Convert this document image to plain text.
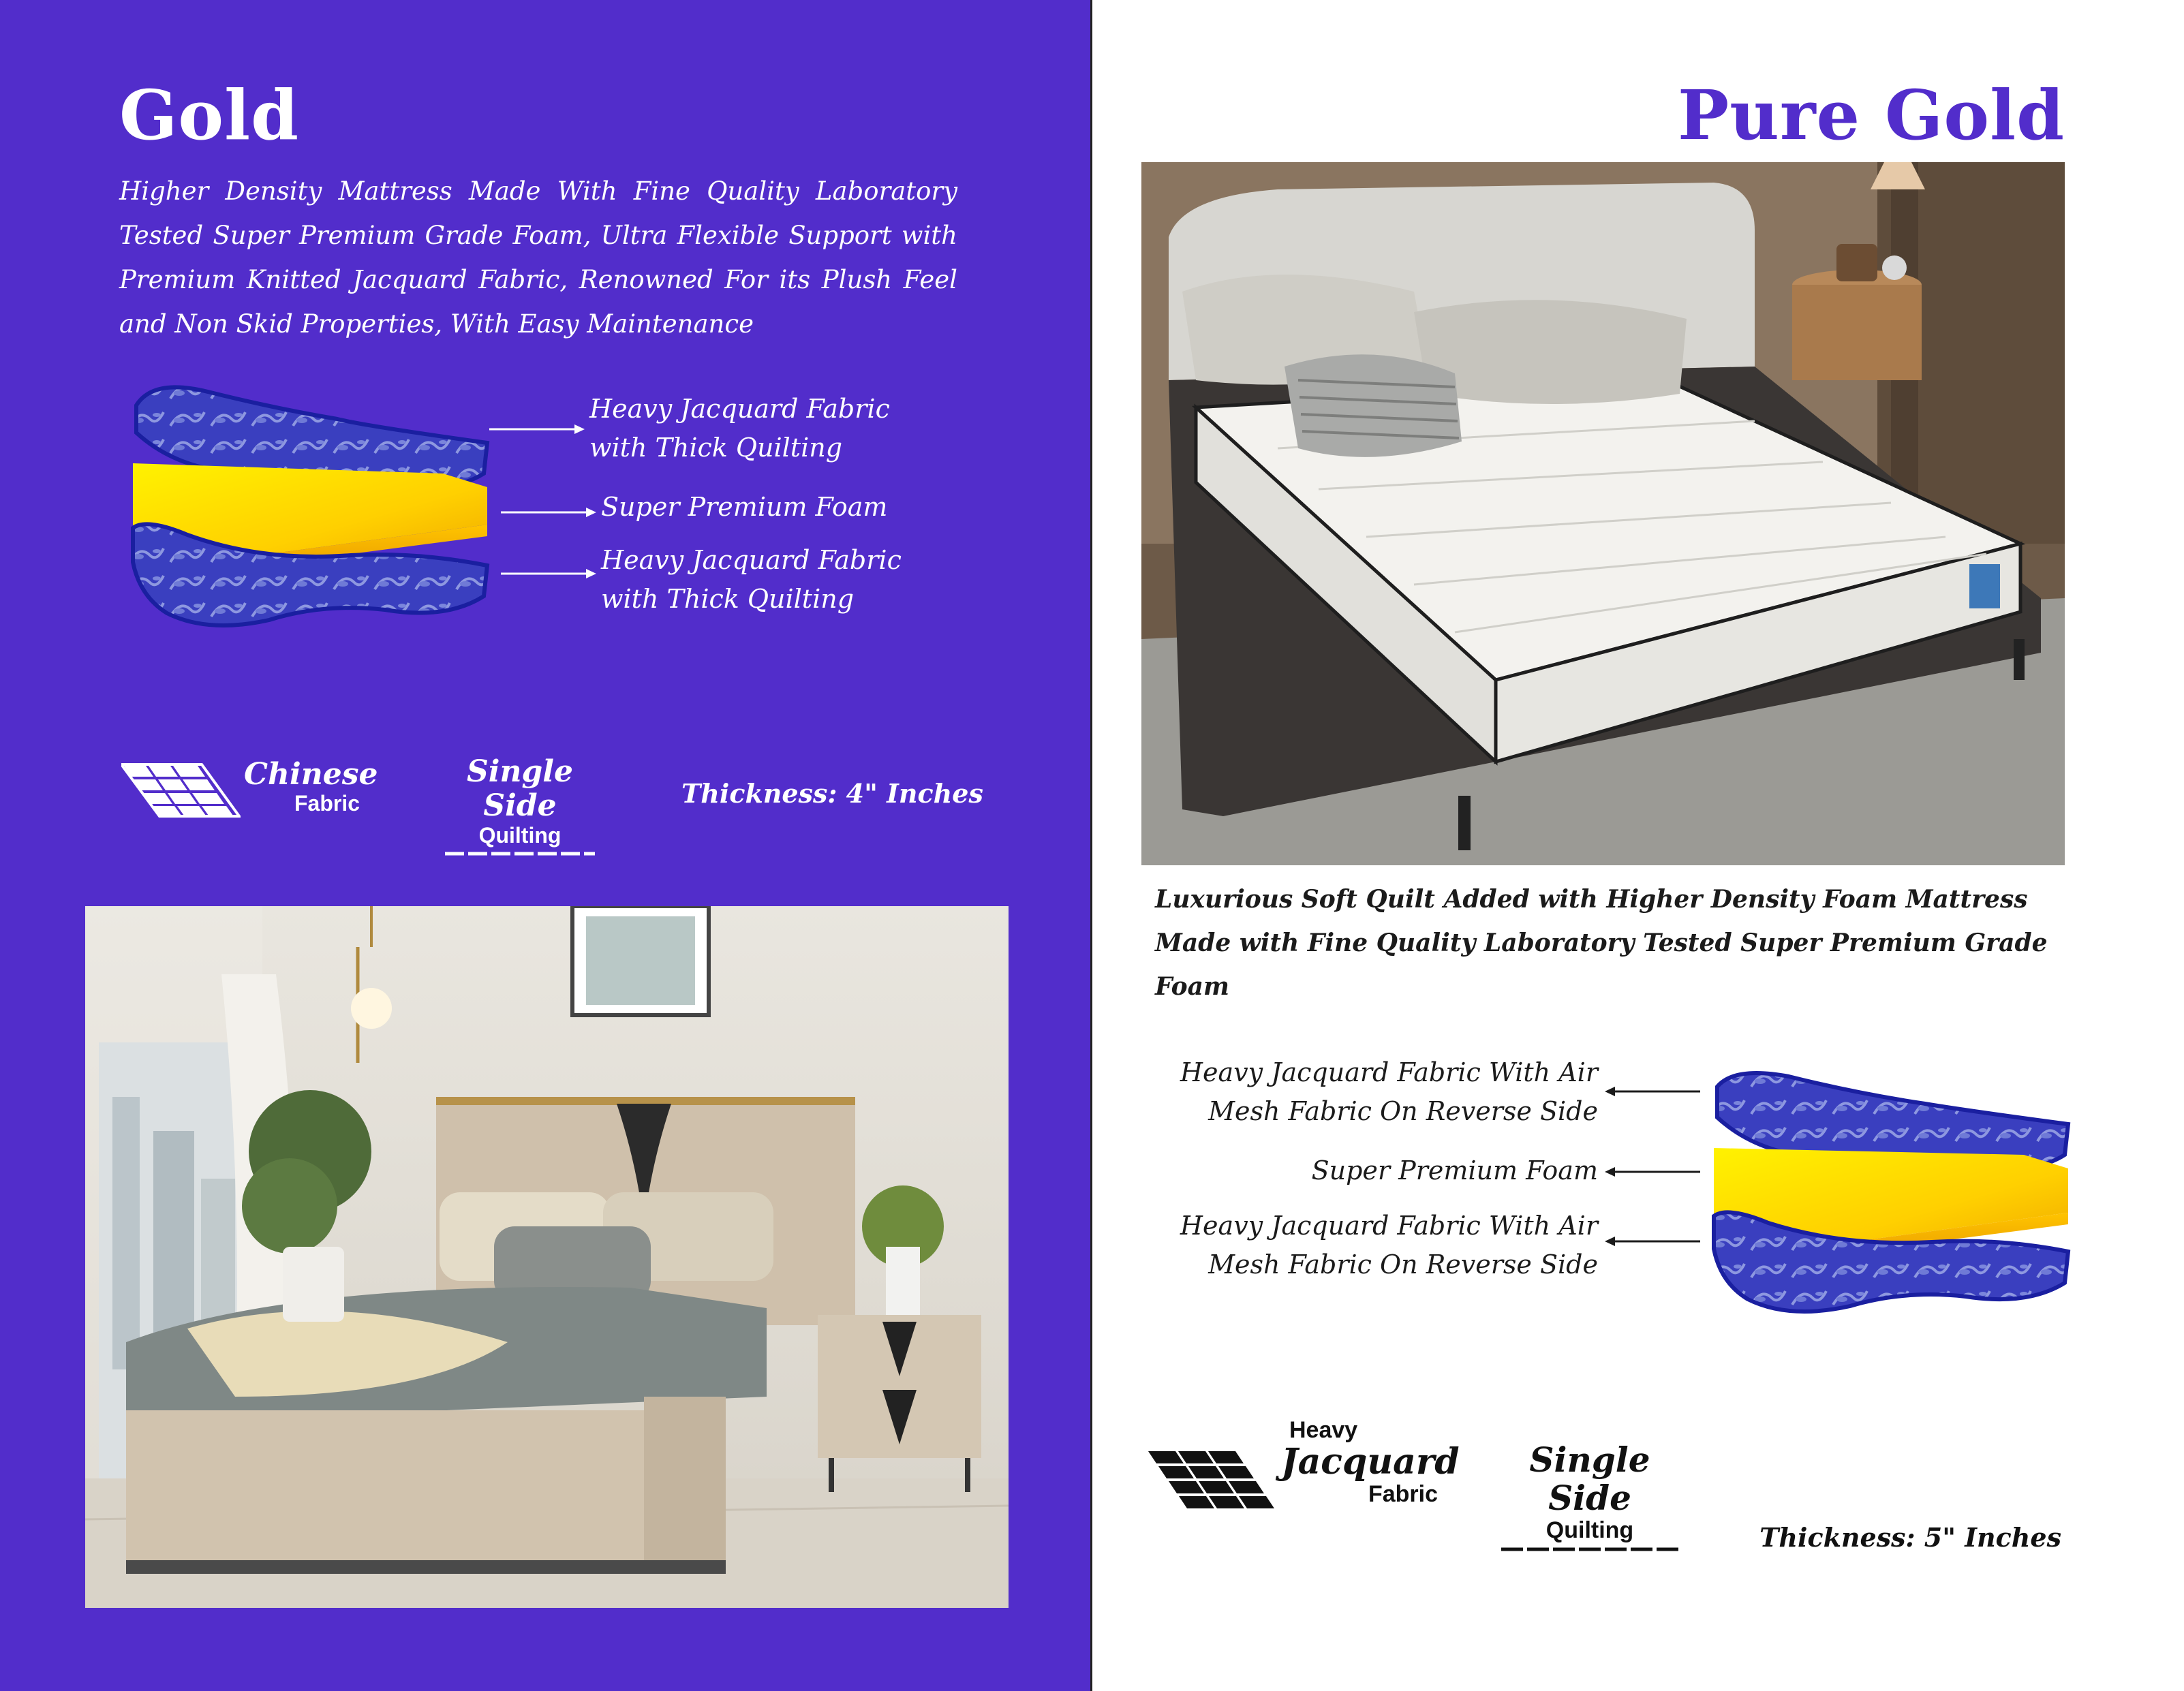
Gold

Higher Density Mattress Made With Fine Quality Laboratory Tested Super Premium Grade Foam, Ultra Flexible Support with Premium Knitted Jacquard Fabric, Renowned For its Plush Feel and Non Skid Properties, With Easy Maintenance

Heavy Jacquard Fabric
with Thick Quilting
Super Premium Foam
Heavy Jacquard Fabric
with Thick Quilting
Chinese
Fabric
Single Side
Quilting
Thickness: 4" Inches
Pure Gold

Luxurious Soft Quilt Added with Higher Density Foam Mattress Made with Fine Quality Laboratory Tested Super Premium Grade Foam

Heavy Jacquard Fabric With Air
Mesh Fabric On Reverse Side
Super Premium Foam
Heavy Jacquard Fabric With Air
Mesh Fabric On Reverse Side
Heavy
Jacquard
Fabric
Single Side
Quilting	Thickness: 5" Inches
